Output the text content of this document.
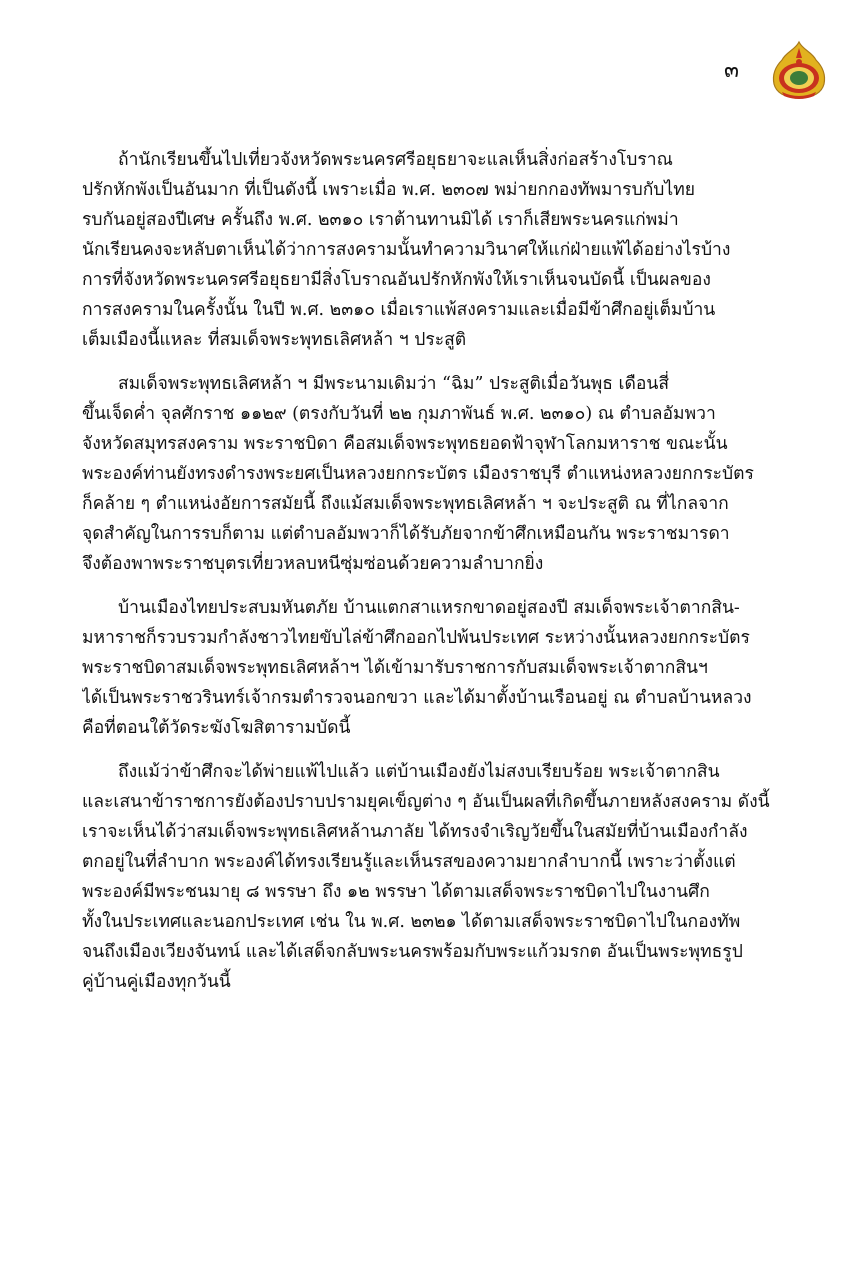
๓
ถ้านักเรียนขึ้นไปเที่ยวจังหวัดพระนครศรีอยุธยาจะแลเห็นสิ่งก่อสร้างโบราณ
ปรักหักพังเป็นอันมาก ที่เป็นดังนี้ เพราะเมื่อ พ.ศ. ๒๓๐๗ พม่ายกกองทัพมารบกับไทย
รบกันอยู่สองปีเศษ ครั้นถึง พ.ศ. ๒๓๑๐ เราต้านทานมิได้ เราก็เสียพระนครแก่พม่า
นักเรียนคงจะหลับตาเห็นได้ว่าการสงครามนั้นทำความวินาศให้แก่ฝ่ายแพ้ได้อย่างไรบ้าง
การที่จังหวัดพระนครศรีอยุธยามีสิ่งโบราณอันปรักหักพังให้เราเห็นจนบัดนี้ เป็นผลของ
การสงครามในครั้งนั้น ในปี พ.ศ. ๒๓๑๐ เมื่อเราแพ้สงครามและเมื่อมีข้าศึกอยู่เต็มบ้าน
เต็มเมืองนี้แหละ ที่สมเด็จพระพุทธเลิศหล้า ฯ ประสูติ
สมเด็จพระพุทธเลิศหล้า ฯ มีพระนามเดิมว่า “ฉิม” ประสูติเมื่อวันพุธ เดือนสี่
ขึ้นเจ็ดค่ำ จุลศักราช ๑๑๒๙ (ตรงกับวันที่ ๒๒ กุมภาพันธ์ พ.ศ. ๒๓๑๐) ณ ตำบลอัมพวา
จังหวัดสมุทรสงคราม พระราชบิดา คือสมเด็จพระพุทธยอดฟ้าจุฬาโลกมหาราช ขณะนั้น
พระองค์ท่านยังทรงดำรงพระยศเป็นหลวงยกกระบัตร เมืองราชบุรี ตำแหน่งหลวงยกกระบัตร
ก็คล้าย ๆ ตำแหน่งอัยการสมัยนี้ ถึงแม้สมเด็จพระพุทธเลิศหล้า ฯ จะประสูติ ณ ที่ไกลจาก
จุดสำคัญในการรบก็ตาม แต่ตำบลอัมพวาก็ได้รับภัยจากข้าศึกเหมือนกัน พระราชมารดา
จึงต้องพาพระราชบุตรเที่ยวหลบหนีซุ่มซ่อนด้วยความลำบากยิ่ง
บ้านเมืองไทยประสบมหันตภัย บ้านแตกสาแหรกขาดอยู่สองปี สมเด็จพระเจ้าตากสิน-
มหาราชก็รวบรวมกำลังชาวไทยขับไล่ข้าศึกออกไปพ้นประเทศ ระหว่างนั้นหลวงยกกระบัตร
พระราชบิดาสมเด็จพระพุทธเลิศหล้าฯ ได้เข้ามารับราชการกับสมเด็จพระเจ้าตากสินฯ
ได้เป็นพระราชวรินทร์เจ้ากรมตำรวจนอกขวา และได้มาตั้งบ้านเรือนอยู่ ณ ตำบลบ้านหลวง
คือที่ตอนใต้วัดระฆังโฆสิตารามบัดนี้
ถึงแม้ว่าข้าศึกจะได้พ่ายแพ้ไปแล้ว แต่บ้านเมืองยังไม่สงบเรียบร้อย พระเจ้าตากสิน
และเสนาข้าราชการยังต้องปราบปรามยุคเข็ญต่าง ๆ อันเป็นผลที่เกิดขึ้นภายหลังสงคราม ดังนี้
เราจะเห็นได้ว่าสมเด็จพระพุทธเลิศหล้านภาลัย ได้ทรงจำเริญวัยขึ้นในสมัยที่บ้านเมืองกำลัง
ตกอยู่ในที่ลำบาก พระองค์ได้ทรงเรียนรู้และเห็นรสของความยากลำบากนี้ เพราะว่าตั้งแต่
พระองค์มีพระชนมายุ ๘ พรรษา ถึง ๑๒ พรรษา ได้ตามเสด็จพระราชบิดาไปในงานศึก
ทั้งในประเทศและนอกประเทศ เช่น ใน พ.ศ. ๒๓๒๑ ได้ตามเสด็จพระราชบิดาไปในกองทัพ
จนถึงเมืองเวียงจันทน์ และได้เสด็จกลับพระนครพร้อมกับพระแก้วมรกต อันเป็นพระพุทธรูป
คู่บ้านคู่เมืองทุกวันนี้
